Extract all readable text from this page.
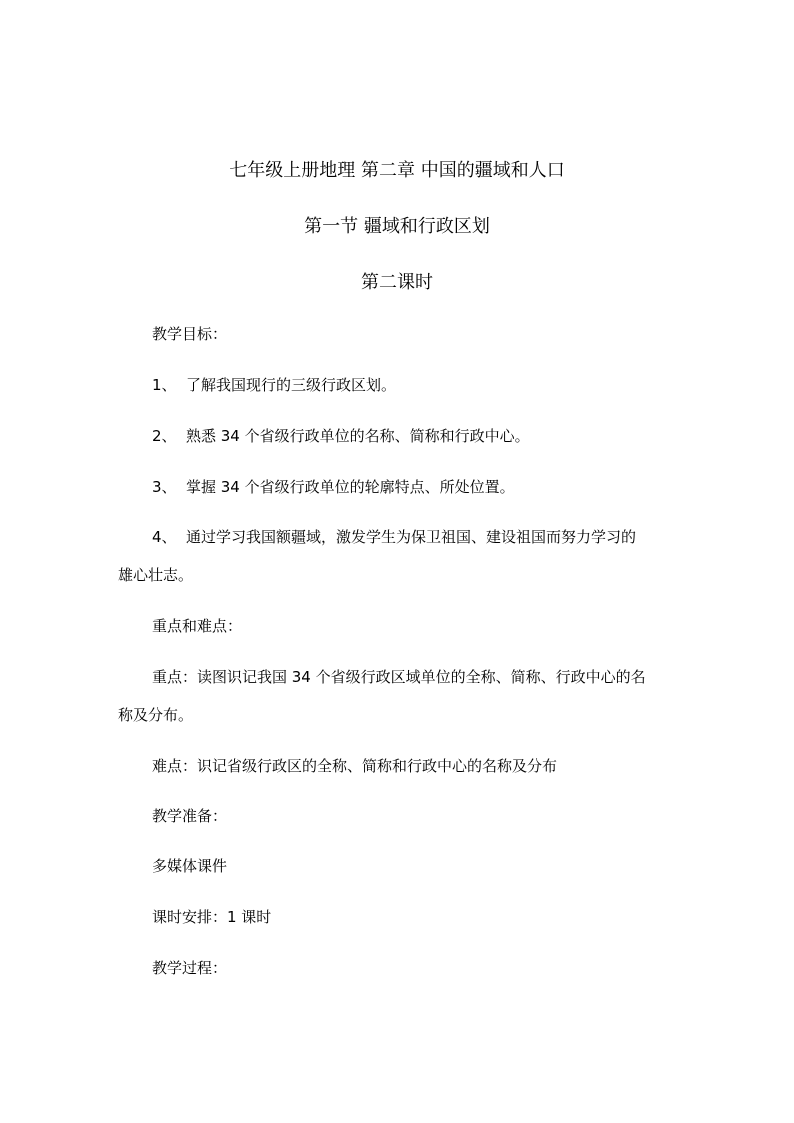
七年级上册地理 第二章 中国的疆域和人口
第一节 疆域和行政区划
第二课时
教学目标：
1、 了解我国现行的三级行政区划。
2、 熟悉 34 个省级行政单位的名称、简称和行政中心。
3、 掌握 34 个省级行政单位的轮廓特点、所处位置。
4、 通过学习我国额疆域，激发学生为保卫祖国、建设祖国而努力学习的
雄心壮志。
重点和难点：
重点：读图识记我国 34 个省级行政区域单位的全称、简称、行政中心的名
称及分布。
难点：识记省级行政区的全称、简称和行政中心的名称及分布
教学准备：
多媒体课件
课时安排：1 课时
教学过程：
